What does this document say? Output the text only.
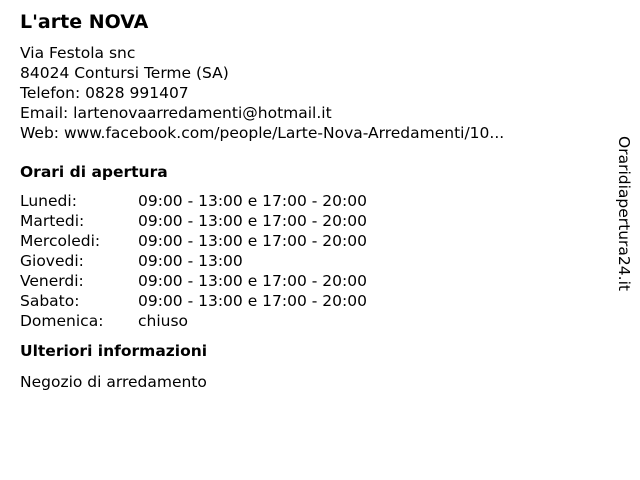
L'arte NOVA
Via Festola snc
84024 Contursi Terme (SA)
Telefon: 0828 991407
Email: lartenovaarredamenti@hotmail.it
Web: www.facebook.com/people/Larte-Nova-Arredamenti/10...
Orari di apertura
Lunedi:	09:00 - 13:00 e 17:00 - 20:00
Martedi:	09:00 - 13:00 e 17:00 - 20:00
Mercoledi:	09:00 - 13:00 e 17:00 - 20:00
Giovedi:	09:00 - 13:00
Venerdi:	09:00 - 13:00 e 17:00 - 20:00
Sabato:	09:00 - 13:00 e 17:00 - 20:00
Domenica:	chiuso
Ulteriori informazioni
Negozio di arredamento
Oraridiapertura24.it
